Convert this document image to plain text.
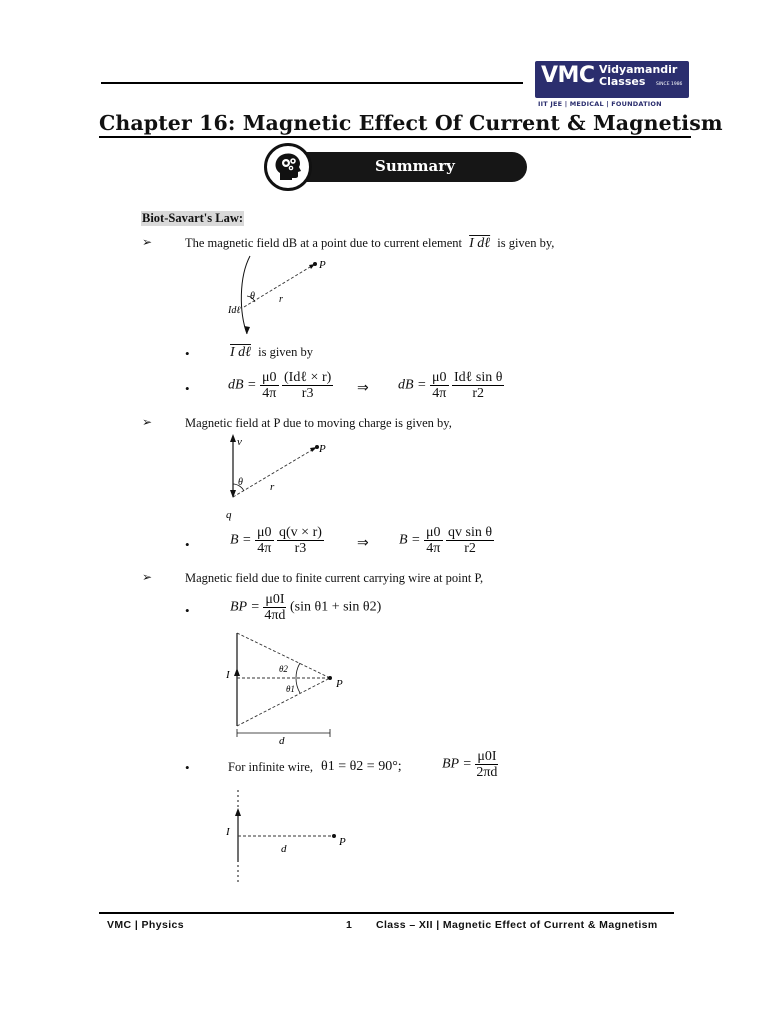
VMC Vidyamandir
Classes	SINCE 1986
IIT JEE | MEDICAL | FOUNDATION
Chapter 16: Magnetic Effect Of Current & Magnetism
Summary
Biot-Savart's Law:
➢	The magnetic field dB at a point due to current element I dℓ is given by,
P
θ r
Idℓ
•	I dℓ is given by
•	dB = $\frac{\mu 0}{4\pi}$
$\frac{\text{(Idℓ × r)}}{r3}$ ⇒ dB = $\frac{\mu 0}{4\pi}$
$\frac{\text{Idℓ sin θ}}{r2}$
➢	Magnetic field at P due to moving charge is given by,
v
P
θ r
q
•	$B = \frac{\mu 0}{4\pi}$
$\frac{q(v \times r)}{r3}$ ⇒ $B = \frac{\mu 0}{4\pi}$
$\frac{\text{qv sin θ}}{r2}$
➢	Magnetic field due to finite current carrying wire at point P,
•	BP = $\frac{\mu 0I}{4\pi d} (\sin$ θ1 + sin θ2)
I	θ2
θ1	P
d
•	For infinite wire, θ1 = θ2 = 90°;	BP = $\frac{\mu 0I}{2\pi d}$
I
P
d
VMC | Physics	1 Class – XII | Magnetic Effect of Current & Magnetism
